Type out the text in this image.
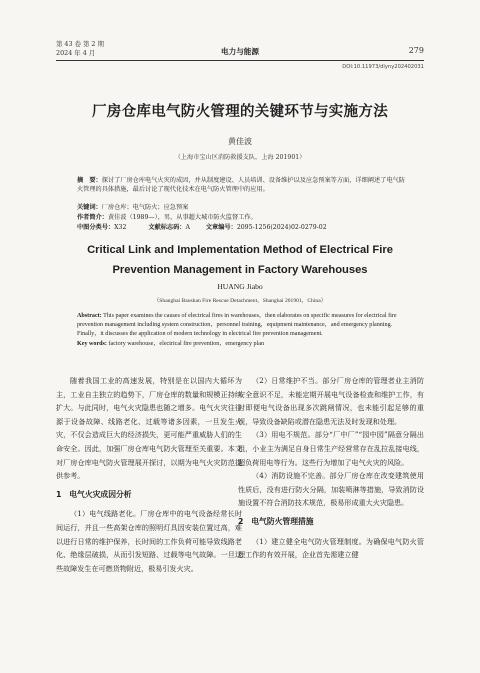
第 43 卷 第 2 期
2024 年 4 月	电力与能源	279
DOI:10.11973/dlyny202402031
厂房仓库电气防火管理的关键环节与实施方法
黄佳波
（上海市宝山区消防救援支队，上海 201901）
摘　要：探讨了厂房仓库电气火灾的成因，并从制度建设、人员培训、设备维护以及应急预案等方面，详细阐述了电气防火管理的具体措施，最后讨论了现代化技术在电气防火管理中的应用。
关键词：厂房仓库；电气防火；应急预案
作者简介：黄佳波（1989—），男，从事超大城市防火监督工作。
中图分类号：X32	文献标志码：A	文章编号：2095-1256(2024)02-0279-02
Critical Link and Implementation Method of Electrical Fire Prevention Management in Factory Warehouses
HUANG Jiabo
（Shanghai Baoshan Fire Rescue Detachment，Shanghai 201901，China）
Abstract: This paper examines the causes of electrical fires in warehouses，then elaborates on specific measures for electrical fire prevention management including system construction，personnel training，equipment maintenance，and emergency planning. Finally，it discusses the application of modern technology in electrical fire prevention management.
Key words: factory warehouse，electrical fire prevention，emergency plan

随着我国工业的高速发展，特别是在以国内大循环为主，工业自主独立的趋势下，厂房仓库的数量和规模正持续扩大。与此同时，电气火灾隐患也随之增多。电气火灾往往源于设备故障、线路老化、过载等诸多因素，一旦发生火灾，不仅会造成巨大的经济损失，更可能严重威胁人们的生命安全。因此，加强厂房仓库电气防火管理至关重要。本文对厂房仓库电气防火管理展开探讨，以期为电气火灾防范提供参考。

1　电气火灾成因分析

（1）电气线路老化。厂房仓库中的电气设备经常长时间运行，并且一些高架仓库的照明灯具因安装位置过高，难以进行日常的维护保养，长时间的工作负荷可能导致线路老化、绝缘层破损，从而引发短路、过载等电气故障。一旦这些故障发生在可燃货物附近，极易引发火灾。

（2）日常维护不当。部分厂房仓库的管理者业主消防安全意识不足，未能定期开展电气设备检查和维护工作，有时即便电气设备出现多次跳闸情况，也未能引起足够的重视，导致设备缺陷或潜在隐患无法及时发现和处理。

（3）用电不规范。部分“厂中厂”“园中园”隔意分隔出租，小业主为满足自身日常生产经营常存在乱拉乱接电线，超负荷用电等行为。这些行为增加了电气火灾的风险。

（4）消防设施不完善。部分厂房仓库在改变建筑使用性质后，没有进行防火分隔，加装喷淋等措施，导致消防设施设置不符合消防技术规范，极易形成重大火灾隐患。

2　电气防火管理措施

（1）建立健全电气防火管理制度。为确保电气防火管理工作的有效开展，企业首先需建立健
